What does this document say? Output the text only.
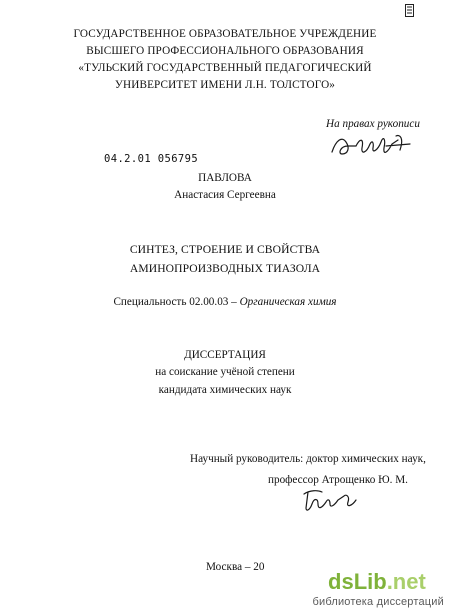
ГОСУДАРСТВЕННОЕ ОБРАЗОВАТЕЛЬНОЕ УЧРЕЖДЕНИЕ
ВЫСШЕГО ПРОФЕССИОНАЛЬНОГО ОБРАЗОВАНИЯ
«ТУЛЬСКИЙ ГОСУДАРСТВЕННЫЙ ПЕДАГОГИЧЕСКИЙ
УНИВЕРСИТЕТ ИМЕНИ Л.Н. ТОЛСТОГО»
На правах рукописи
04.2.01 056795
ПАВЛОВА
Анастасия Сергеевна
СИНТЕЗ, СТРОЕНИЕ И СВОЙСТВА
АМИНОПРОИЗВОДНЫХ ТИАЗОЛА
Специальность 02.00.03 – Органическая химия
ДИССЕРТАЦИЯ
на соискание учёной степени
кандидата химических наук
Научный руководитель: доктор химических наук,
профессор Атрощенко Ю. М.
Москва – 20
dsLib.net
библиотека диссертаций
